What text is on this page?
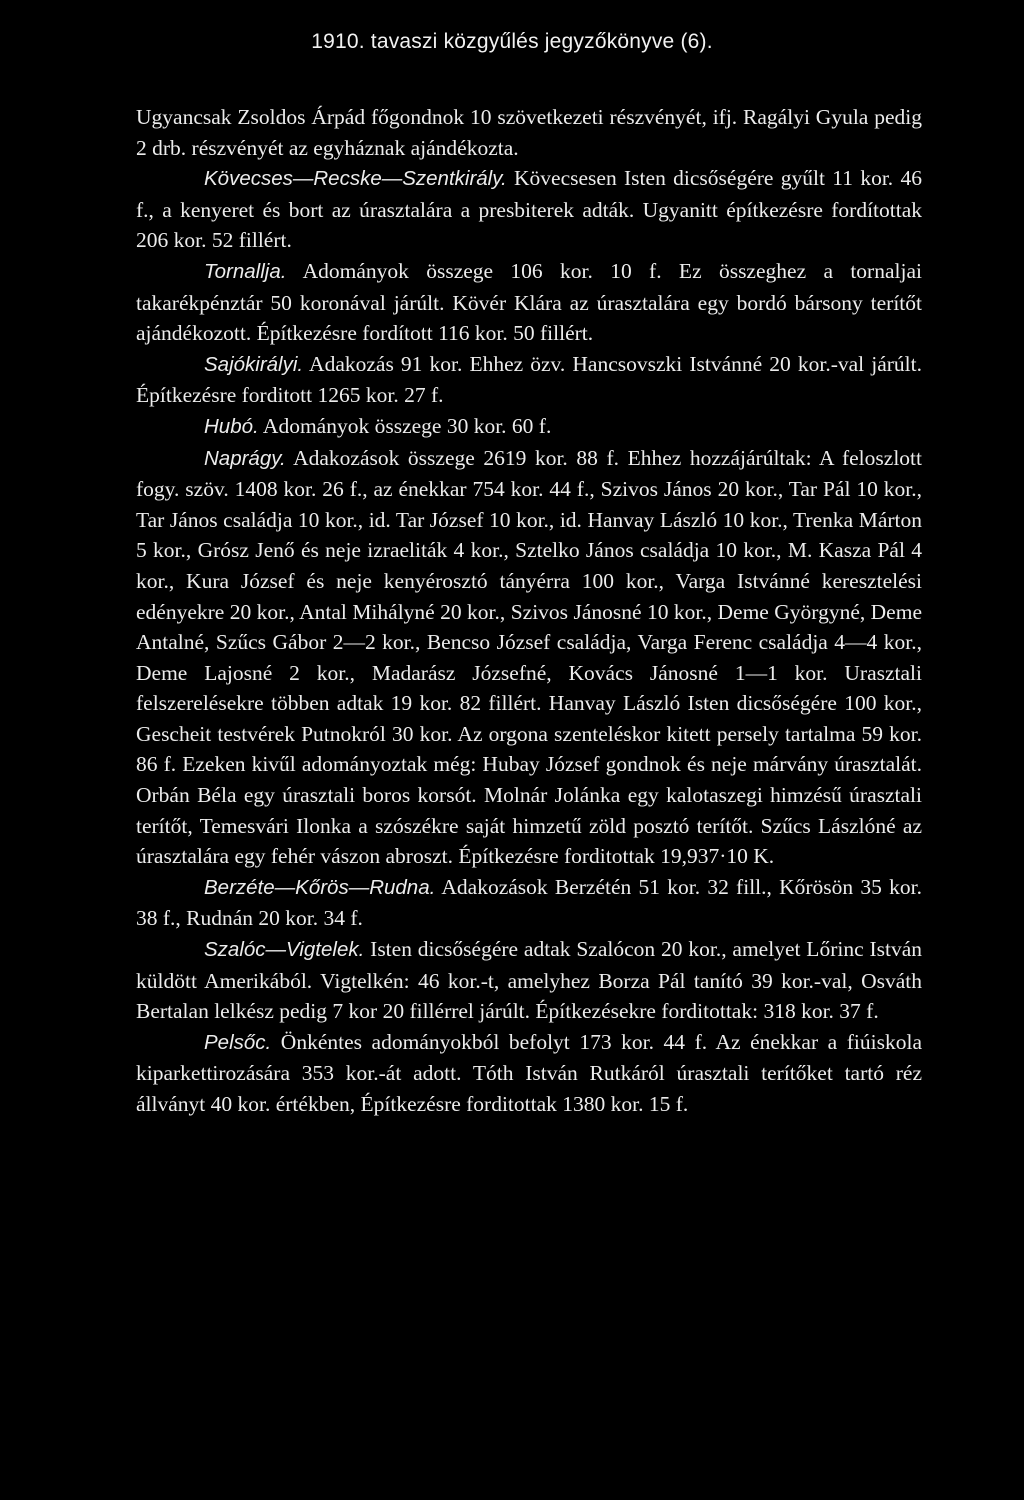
1910. tavaszi közgyűlés jegyzőkönyve (6).

Ugyancsak Zsoldos Árpád főgondnok 10 szövetkezeti részvényét, ifj. Ragályi Gyula pedig 2 drb. részvényét az egyháznak ajándékozta.

Kövecses—Recske—Szentkirály. Kövecsesen Isten dicsőségére gyűlt 11 kor. 46 f., a kenyeret és bort az úrasztalára a presbiterek adták. Ugyanitt építkezésre fordítottak 206 kor. 52 fillért.

Tornallja. Adományok összege 106 kor. 10 f. Ez összeghez a tornaljai takarékpénztár 50 koronával járúlt. Kövér Klára az úrasztalára egy bordó bársony terítőt ajándékozott. Építkezésre fordított 116 kor. 50 fillért.

Sajókirályi. Adakozás 91 kor. Ehhez özv. Hancsovszki Istvánné 20 kor.-val járúlt. Építkezésre forditott 1265 kor. 27 f.

Hubó. Adományok összege 30 kor. 60 f.

Naprágy. Adakozások összege 2619 kor. 88 f. Ehhez hozzájárúltak: A feloszlott fogy. szöv. 1408 kor. 26 f., az énekkar 754 kor. 44 f., Szivos János 20 kor., Tar Pál 10 kor., Tar János családja 10 kor., id. Tar József 10 kor., id. Hanvay László 10 kor., Trenka Márton 5 kor., Grósz Jenő és neje izraeliták 4 kor., Sztelko János családja 10 kor., M. Kasza Pál 4 kor., Kura József és neje kenyérosztó tányérra 100 kor., Varga Istvánné keresztelési edényekre 20 kor., Antal Mihályné 20 kor., Szivos Jánosné 10 kor., Deme Györgyné, Deme Antalné, Szűcs Gábor 2—2 kor., Bencso József családja, Varga Ferenc családja 4—4 kor., Deme Lajosné 2 kor., Madarász Józsefné, Kovács Jánosné 1—1 kor. Urasztali felszerelésekre többen adtak 19 kor. 82 fillért. Hanvay László Isten dicsőségére 100 kor., Gescheit testvérek Putnokról 30 kor. Az orgona szenteléskor kitett persely tartalma 59 kor. 86 f. Ezeken kivűl adományoztak még: Hubay József gondnok és neje márvány úrasztalát. Orbán Béla egy úrasztali boros korsót. Molnár Jolánka egy kalotaszegi himzésű úrasztali terítőt, Temesvári Ilonka a szószékre saját himzetű zöld posztó terítőt. Szűcs Lászlóné az úrasztalára egy fehér vászon abroszt. Építkezésre forditottak 19,937·10 K.

Berzéte—Kőrös—Rudna. Adakozások Berzétén 51 kor. 32 fill., Kőrösön 35 kor. 38 f., Rudnán 20 kor. 34 f.

Szalóc—Vigtelek. Isten dicsőségére adtak Szalócon 20 kor., amelyet Lőrinc István küldött Amerikából. Vigtelkén: 46 kor.-t, amelyhez Borza Pál tanító 39 kor.-val, Osváth Bertalan lelkész pedig 7 kor 20 fillérrel járúlt. Építkezésekre forditottak: 318 kor. 37 f.

Pelsőc. Önkéntes adományokból befolyt 173 kor. 44 f. Az énekkar a fiúiskola kiparkettirozására 353 kor.-át adott. Tóth István Rutkáról úrasztali terítőket tartó réz állványt 40 kor. értékben, Építkezésre forditottak 1380 kor. 15 f.
